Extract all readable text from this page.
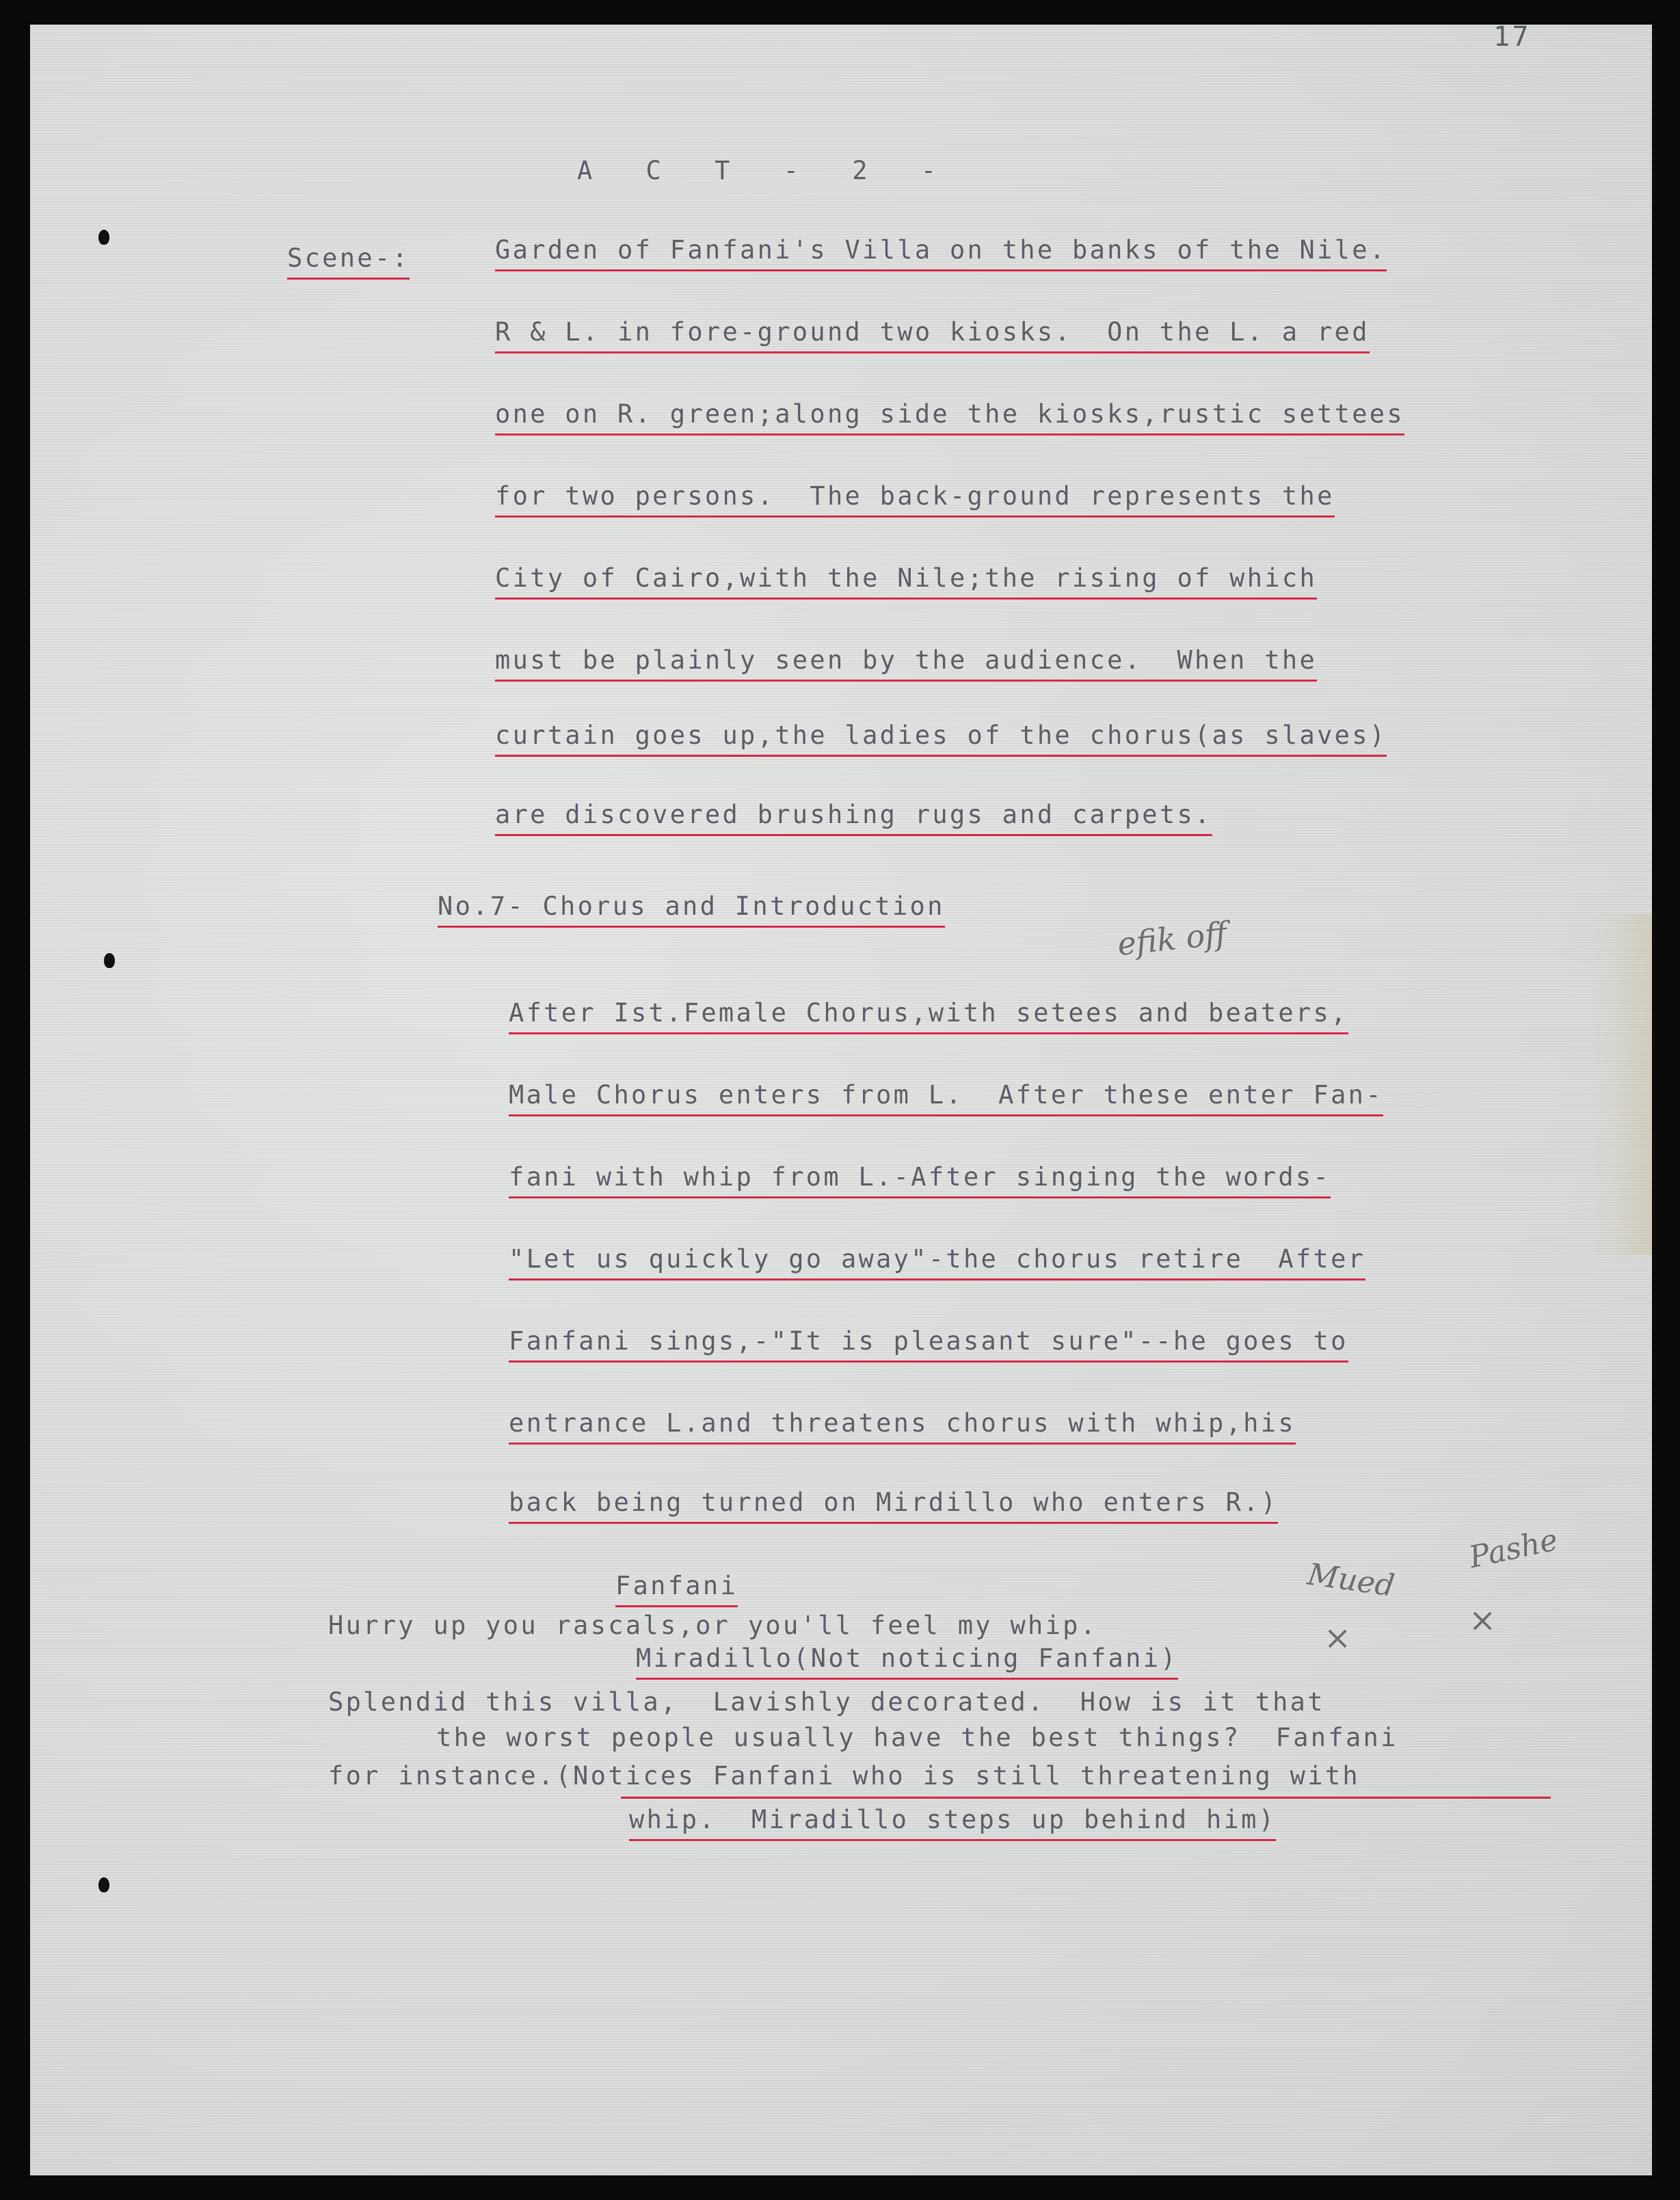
17
A C T - 2 -
Scene-:	Garden of Fanfani's Villa on the banks of the Nile.
R & L. in fore-ground two kiosks.  On the L. a red
one on R. green;along side the kiosks,rustic settees
for two persons.  The back-ground represents the
City of Cairo,with the Nile;the rising of which
must be plainly seen by the audience.  When the
curtain goes up,the ladies of the chorus(as slaves)
are discovered brushing rugs and carpets.
No.7- Chorus and Introduction
efik off
After Ist.Female Chorus,with setees and beaters,
Male Chorus enters from L.  After these enter Fan-
fani with whip from L.-After singing the words-
"Let us quickly go away"-the chorus retire  After
Fanfani sings,-"It is pleasant sure"--he goes to
entrance L.and threatens chorus with whip,his
back being turned on Mirdillo who enters R.)
Fanfani
Hurry up you rascals,or you'll feel my whip.
Miradillo(Not noticing Fanfani)
Splendid this villa,  Lavishly decorated.  How is it that
the worst people usually have the best things?  Fanfani
for instance.(Notices Fanfani who is still threatening with
whip.  Miradillo steps up behind him)
Mued
Pashe
×	×
